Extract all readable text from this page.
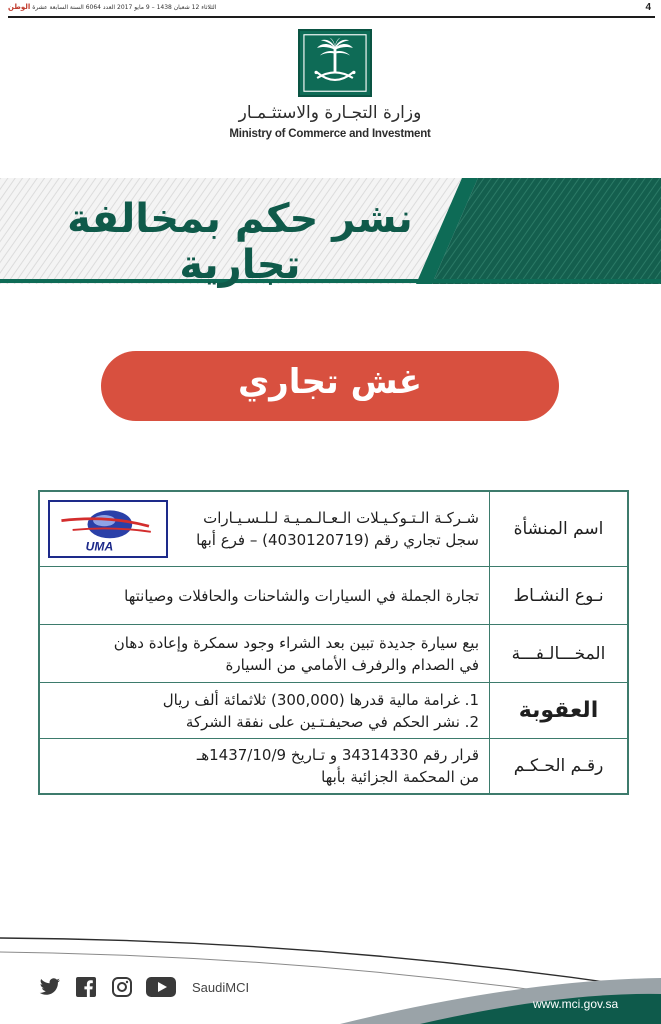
الثلاثاء 12 شعبان 1438 – 9 مايو 2017 العدد 6064 السنة السابعة عشرة الوطن	4
وزارة التجـارة والاستثـمـار
Ministry of Commerce and Investment
نشر حكم بمخالفة تجارية
غش تجاري
اسم المنشأة
شـركـة الـتـوكـيـلات الـعـالـمـيـة لـلـسـيـارات
سجل تجاري رقم (4030120719) – فرع أبها
UMA
نـوع النشـاط
تجارة الجملة في السيارات والشاحنات والحافلات وصيانتها
المخـــالـفـــة
بيع سيارة جديدة تبين بعد الشراء وجود سمكرة وإعادة دهان
في الصدام والرفرف الأمامي من السيارة
العقوبة
1. غرامة مالية قدرها (300,000) ثلاثمائة ألف ريال
2. نشر الحكم في صحيفـتـين على نفقة الشركة
رقـم الحـكـم
قرار رقم 34314330 و تـاريخ 1437/10/9هـ
من المحكمة الجزائية بأبها
SaudiMCI
www.mci.gov.sa
